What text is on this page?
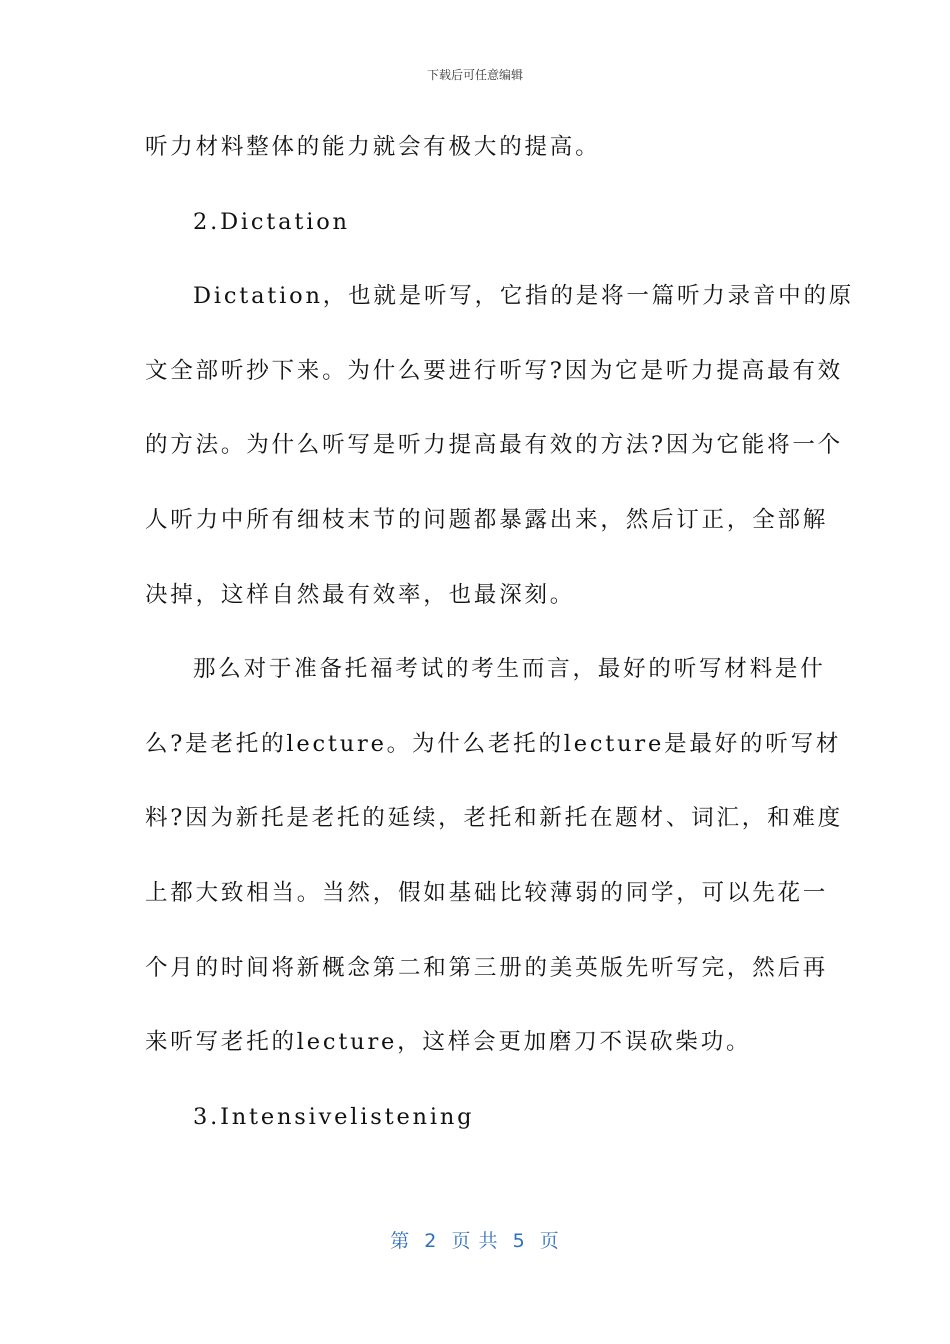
下载后可任意编辑
听力材料整体的能力就会有极大的提高。
2.Dictation
Dictation，也就是听写，它指的是将一篇听力录音中的原
文全部听抄下来。为什么要进行听写?因为它是听力提高最有效
的方法。为什么听写是听力提高最有效的方法?因为它能将一个
人听力中所有细枝末节的问题都暴露出来，然后订正，全部解
决掉，这样自然最有效率，也最深刻。
那么对于准备托福考试的考生而言，最好的听写材料是什
么?是老托的lecture。为什么老托的lecture是最好的听写材
料?因为新托是老托的延续，老托和新托在题材、词汇，和难度
上都大致相当。当然，假如基础比较薄弱的同学，可以先花一
个月的时间将新概念第二和第三册的美英版先听写完，然后再
来听写老托的lecture，这样会更加磨刀不误砍柴功。
3.Intensivelistening
第  2  页 共  5  页
